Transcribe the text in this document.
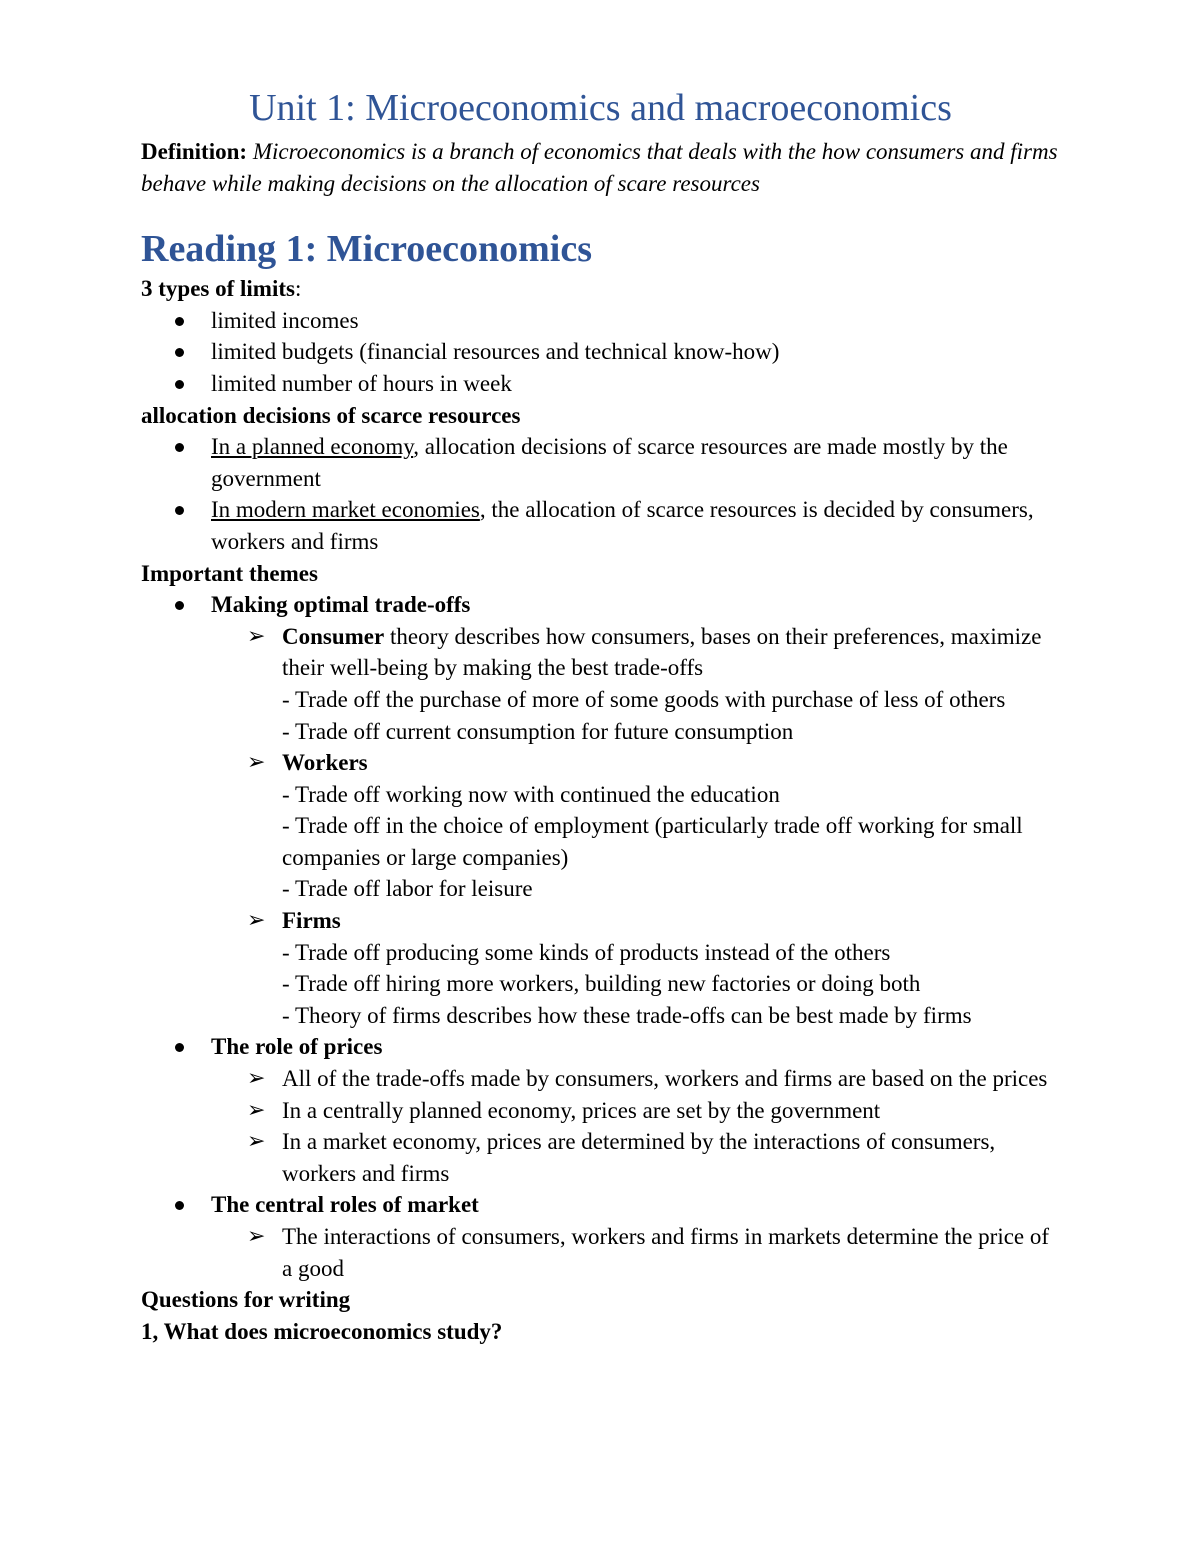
Unit 1: Microeconomics and macroeconomics

Definition: Microeconomics is a branch of economics that deals with the how consumers and firms behave while making decisions on the allocation of scare resources

Reading 1: Microeconomics

3 types of limits:

limited incomes
limited budgets (financial resources and technical know-how)
limited number of hours in week

allocation decisions of scarce resources

In a planned economy, allocation decisions of scarce resources are made mostly by the government
In modern market economies, the allocation of scarce resources is decided by consumers, workers and firms

Important themes

Making optimal trade-offs
➢ Consumer theory describes how consumers, bases on their preferences, maximize their well-being by making the best trade-offs
- Trade off the purchase of more of some goods with purchase of less of others
- Trade off current consumption for future consumption
➢ Workers
- Trade off working now with continued the education
- Trade off in the choice of employment (particularly trade off working for small companies or large companies)
- Trade off labor for leisure
➢ Firms
- Trade off producing some kinds of products instead of the others
- Trade off hiring more workers, building new factories or doing both
- Theory of firms describes how these trade-offs can be best made by firms
The role of prices
➢ All of the trade-offs made by consumers, workers and firms are based on the prices
➢ In a centrally planned economy, prices are set by the government
➢ In a market economy, prices are determined by the interactions of consumers, workers and firms
The central roles of market
➢ The interactions of consumers, workers and firms in markets determine the price of a good

Questions for writing

1, What does microeconomics study?
